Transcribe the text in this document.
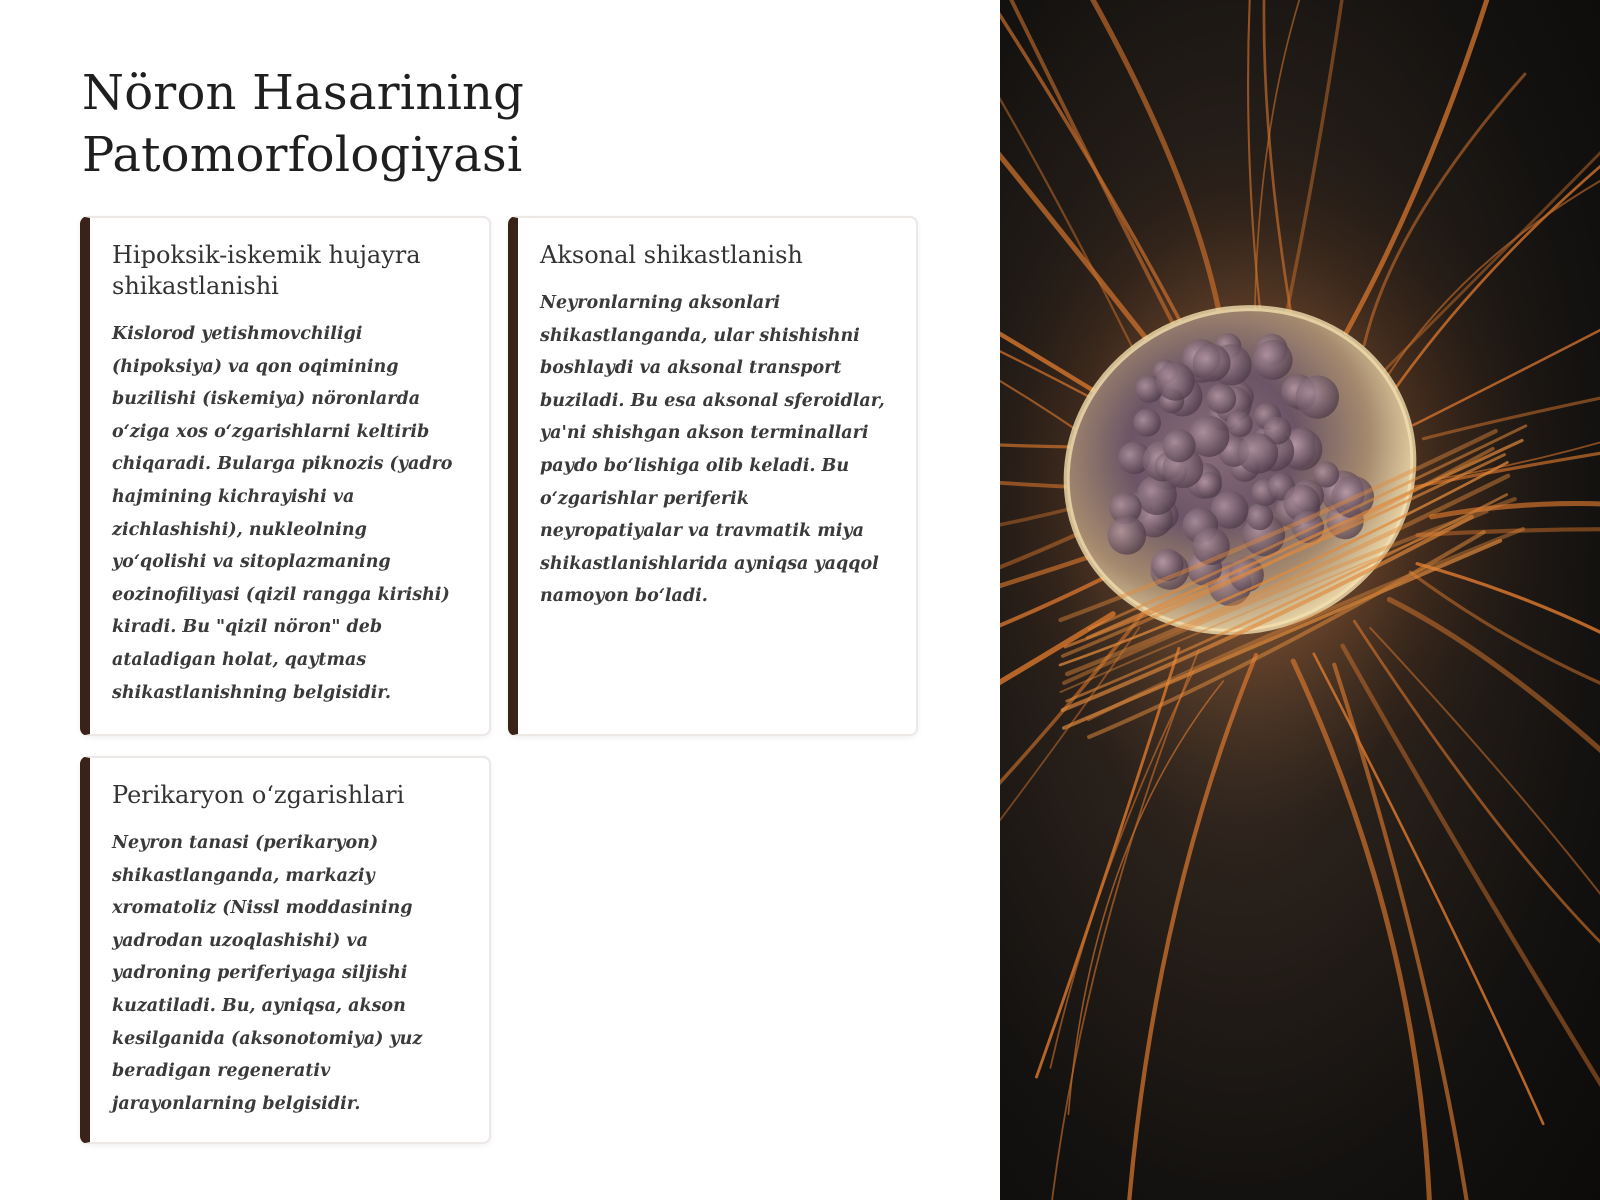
Nöron Hasarining Patomorfologiyasi
Hipoksik-iskemik hujayra shikastlanishi

Kislorod yetishmovchiligi (hipoksiya) va qon oqimining buzilishi (iskemiya) nöronlarda o‘ziga xos o‘zgarishlarni keltirib chiqaradi. Bularga piknozis (yadro hajmining kichrayishi va zichlashishi), nukleolning yo‘qolishi va sitoplazmaning eozinofiliyasi (qizil rangga kirishi) kiradi. Bu "qizil nöron" deb ataladigan holat, qaytmas shikastlanishning belgisidir.

Aksonal shikastlanish

Neyronlarning aksonlari shikastlanganda, ular shishishni boshlaydi va aksonal transport buziladi. Bu esa aksonal sferoidlar, ya'ni shishgan akson terminallari paydo bo‘lishiga olib keladi. Bu o‘zgarishlar periferik neyropatiyalar va travmatik miya shikastlanishlarida ayniqsa yaqqol namoyon bo‘ladi.

Perikaryon o‘zgarishlari

Neyron tanasi (perikaryon) shikastlanganda, markaziy xromatoliz (Nissl moddasining yadrodan uzoqlashishi) va yadroning periferiyaga siljishi kuzatiladi. Bu, ayniqsa, akson kesilganida (aksonotomiya) yuz beradigan regenerativ jarayonlarning belgisidir.
